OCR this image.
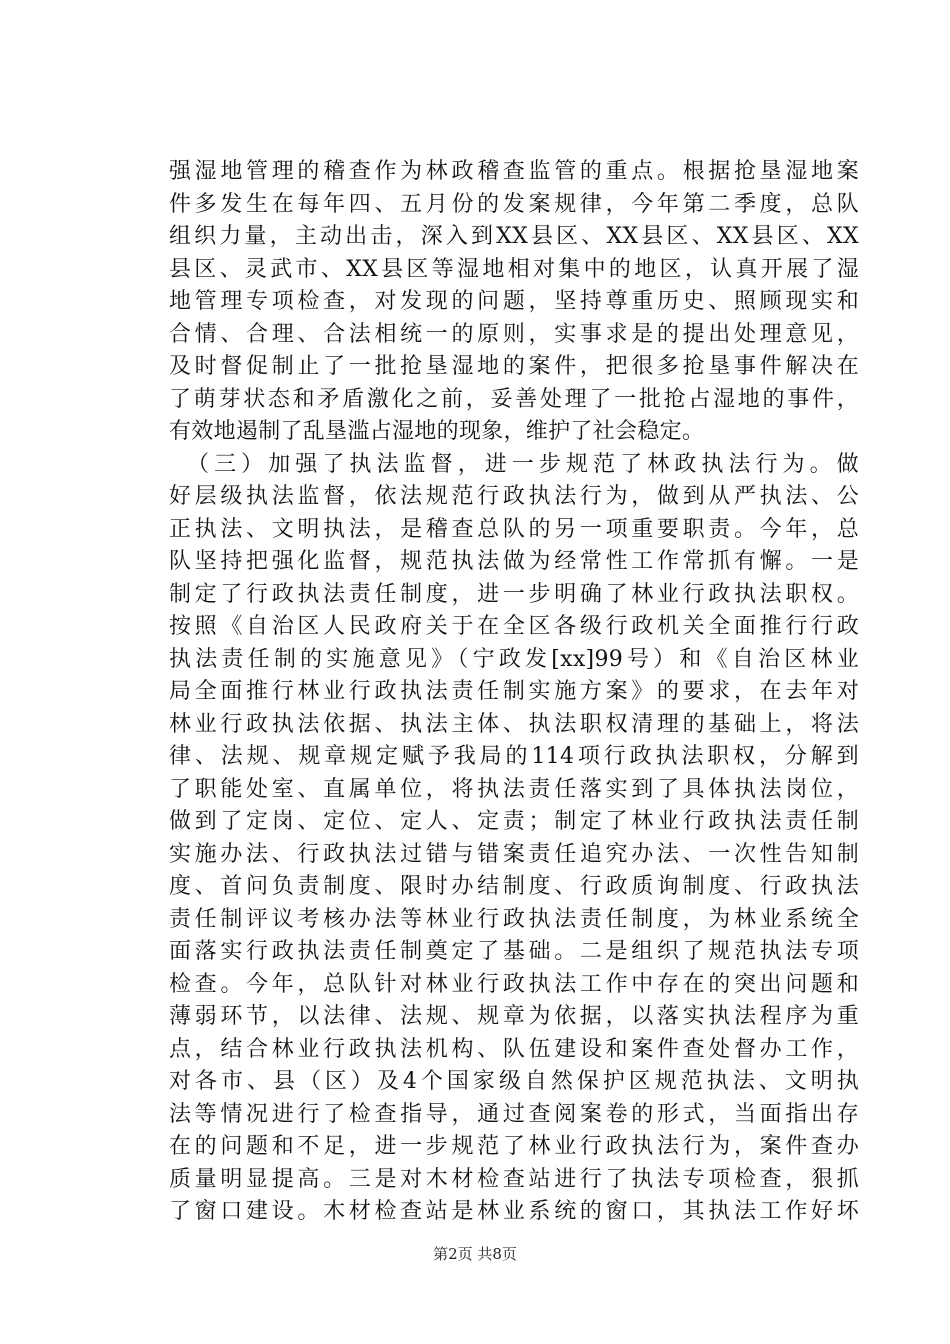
强湿地管理的稽查作为林政稽查监管的重点。根据抢垦湿地案
件多发生在每年四、五月份的发案规律，今年第二季度，总队
组织力量，主动出击，深入到XX县区、XX县区、XX县区、XX
县区、灵武市、XX县区等湿地相对集中的地区，认真开展了湿
地管理专项检查，对发现的问题，坚持尊重历史、照顾现实和
合情、合理、合法相统一的原则，实事求是的提出处理意见，
及时督促制止了一批抢垦湿地的案件，把很多抢垦事件解决在
了萌芽状态和矛盾激化之前，妥善处理了一批抢占湿地的事件，
有效地遏制了乱垦滥占湿地的现象，维护了社会稳定。
（三）加强了执法监督，进一步规范了林政执法行为。做
好层级执法监督，依法规范行政执法行为，做到从严执法、公
正执法、文明执法，是稽查总队的另一项重要职责。今年，总
队坚持把强化监督，规范执法做为经常性工作常抓有懈。一是
制定了行政执法责任制度，进一步明确了林业行政执法职权。
按照《自治区人民政府关于在全区各级行政机关全面推行行政
执法责任制的实施意见》（宁政发[xx]99号）和《自治区林业
局全面推行林业行政执法责任制实施方案》的要求，在去年对
林业行政执法依据、执法主体、执法职权清理的基础上，将法
律、法规、规章规定赋予我局的114项行政执法职权，分解到
了职能处室、直属单位，将执法责任落实到了具体执法岗位，
做到了定岗、定位、定人、定责；制定了林业行政执法责任制
实施办法、行政执法过错与错案责任追究办法、一次性告知制
度、首问负责制度、限时办结制度、行政质询制度、行政执法
责任制评议考核办法等林业行政执法责任制度，为林业系统全
面落实行政执法责任制奠定了基础。二是组织了规范执法专项
检查。今年，总队针对林业行政执法工作中存在的突出问题和
薄弱环节，以法律、法规、规章为依据，以落实执法程序为重
点，结合林业行政执法机构、队伍建设和案件查处督办工作，
对各市、县（区）及4个国家级自然保护区规范执法、文明执
法等情况进行了检查指导，通过查阅案卷的形式，当面指出存
在的问题和不足，进一步规范了林业行政执法行为，案件查办
质量明显提高。三是对木材检查站进行了执法专项检查，狠抓
了窗口建设。木材检查站是林业系统的窗口，其执法工作好坏
第2页 共8页
